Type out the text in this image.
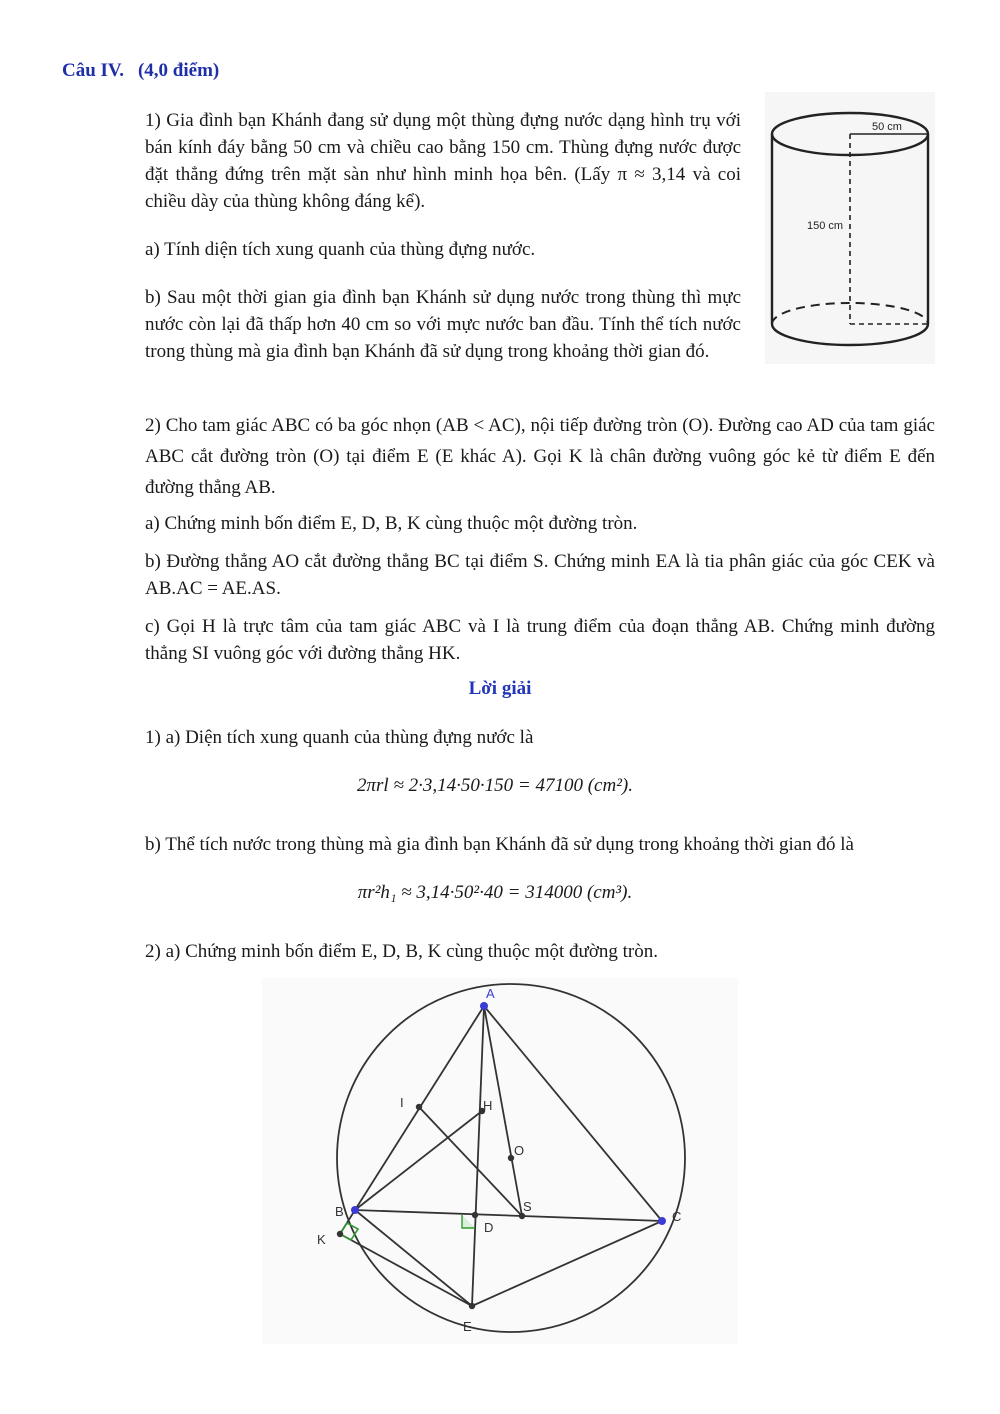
Câu IV. (4,0 điểm)

1) Gia đình bạn Khánh đang sử dụng một thùng đựng nước dạng hình trụ với bán kính đáy bằng 50 cm và chiều cao bằng 150 cm. Thùng đựng nước được đặt thẳng đứng trên mặt sàn như hình minh họa bên. (Lấy π ≈ 3,14 và coi chiều dày của thùng không đáng kể).

a) Tính diện tích xung quanh của thùng đựng nước.

b) Sau một thời gian gia đình bạn Khánh sử dụng nước trong thùng thì mực nước còn lại đã thấp hơn 40 cm so với mực nước ban đầu. Tính thể tích nước trong thùng mà gia đình bạn Khánh đã sử dụng trong khoảng thời gian đó.

50 cm
150 cm

2) Cho tam giác ABC có ba góc nhọn (AB < AC), nội tiếp đường tròn (O). Đường cao AD của tam giác ABC cắt đường tròn (O) tại điểm E (E khác A). Gọi K là chân đường vuông góc kẻ từ điểm E đến đường thẳng AB.

a) Chứng minh bốn điểm E, D, B, K cùng thuộc một đường tròn.

b) Đường thẳng AO cắt đường thẳng BC tại điểm S. Chứng minh EA là tia phân giác của góc CEK và AB.AC = AE.AS.

c) Gọi H là trực tâm của tam giác ABC và I là trung điểm của đoạn thẳng AB. Chứng minh đường thẳng SI vuông góc với đường thẳng HK.

Lời giải

1) a) Diện tích xung quanh của thùng đựng nước là

2πrl ≈ 2·3,14·50·150 = 47100 (cm²).

b) Thể tích nước trong thùng mà gia đình bạn Khánh đã sử dụng trong khoảng thời gian đó là

πr²h₁ ≈ 3,14·50²·40 = 314000 (cm³).

2) a) Chứng minh bốn điểm E, D, B, K cùng thuộc một đường tròn.

A
B	C
D
E
H
I
K
O
S
